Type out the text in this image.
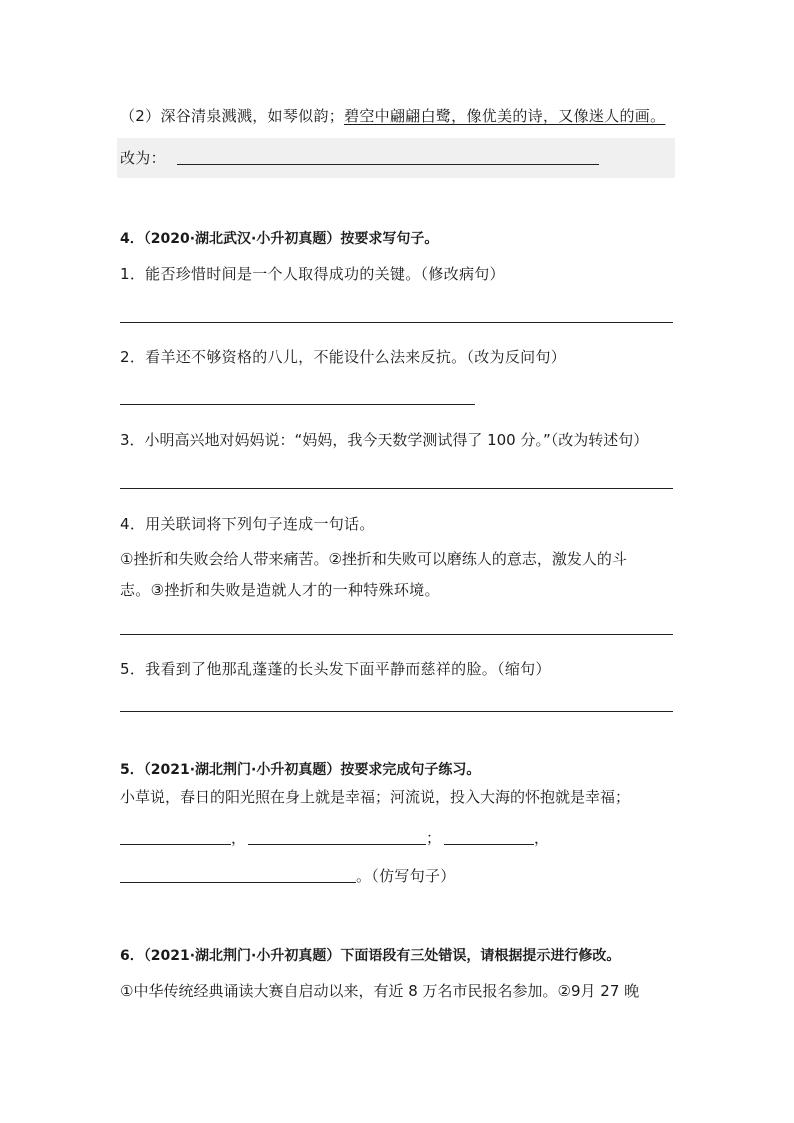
（2）深谷清泉溅溅，如琴似韵；碧空中翩翩白鹭，像优美的诗，又像迷人的画。
改为：
4．（2020·湖北武汉·小升初真题）按要求写句子。
1．能否珍惜时间是一个人取得成功的关键。（修改病句）
2．看羊还不够资格的八儿，不能设什么法来反抗。（改为反问句）
3．小明高兴地对妈妈说：“妈妈，我今天数学测试得了 100 分。”（改为转述句）
4．用关联词将下列句子连成一句话。
①挫折和失败会给人带来痛苦。②挫折和失败可以磨练人的意志，激发人的斗
志。③挫折和失败是造就人才的一种特殊环境。
5．我看到了他那乱蓬蓬的长头发下面平静而慈祥的脸。（缩句）
5．（2021·湖北荆门·小升初真题）按要求完成句子练习。
小草说，春日的阳光照在身上就是幸福；河流说，投入大海的怀抱就是幸福；
，	；	，
。（仿写句子）
6．（2021·湖北荆门·小升初真题）下面语段有三处错误，请根据提示进行修改。
①中华传统经典诵读大赛自启动以来，有近 8 万名市民报名参加。②9月 27 晚
